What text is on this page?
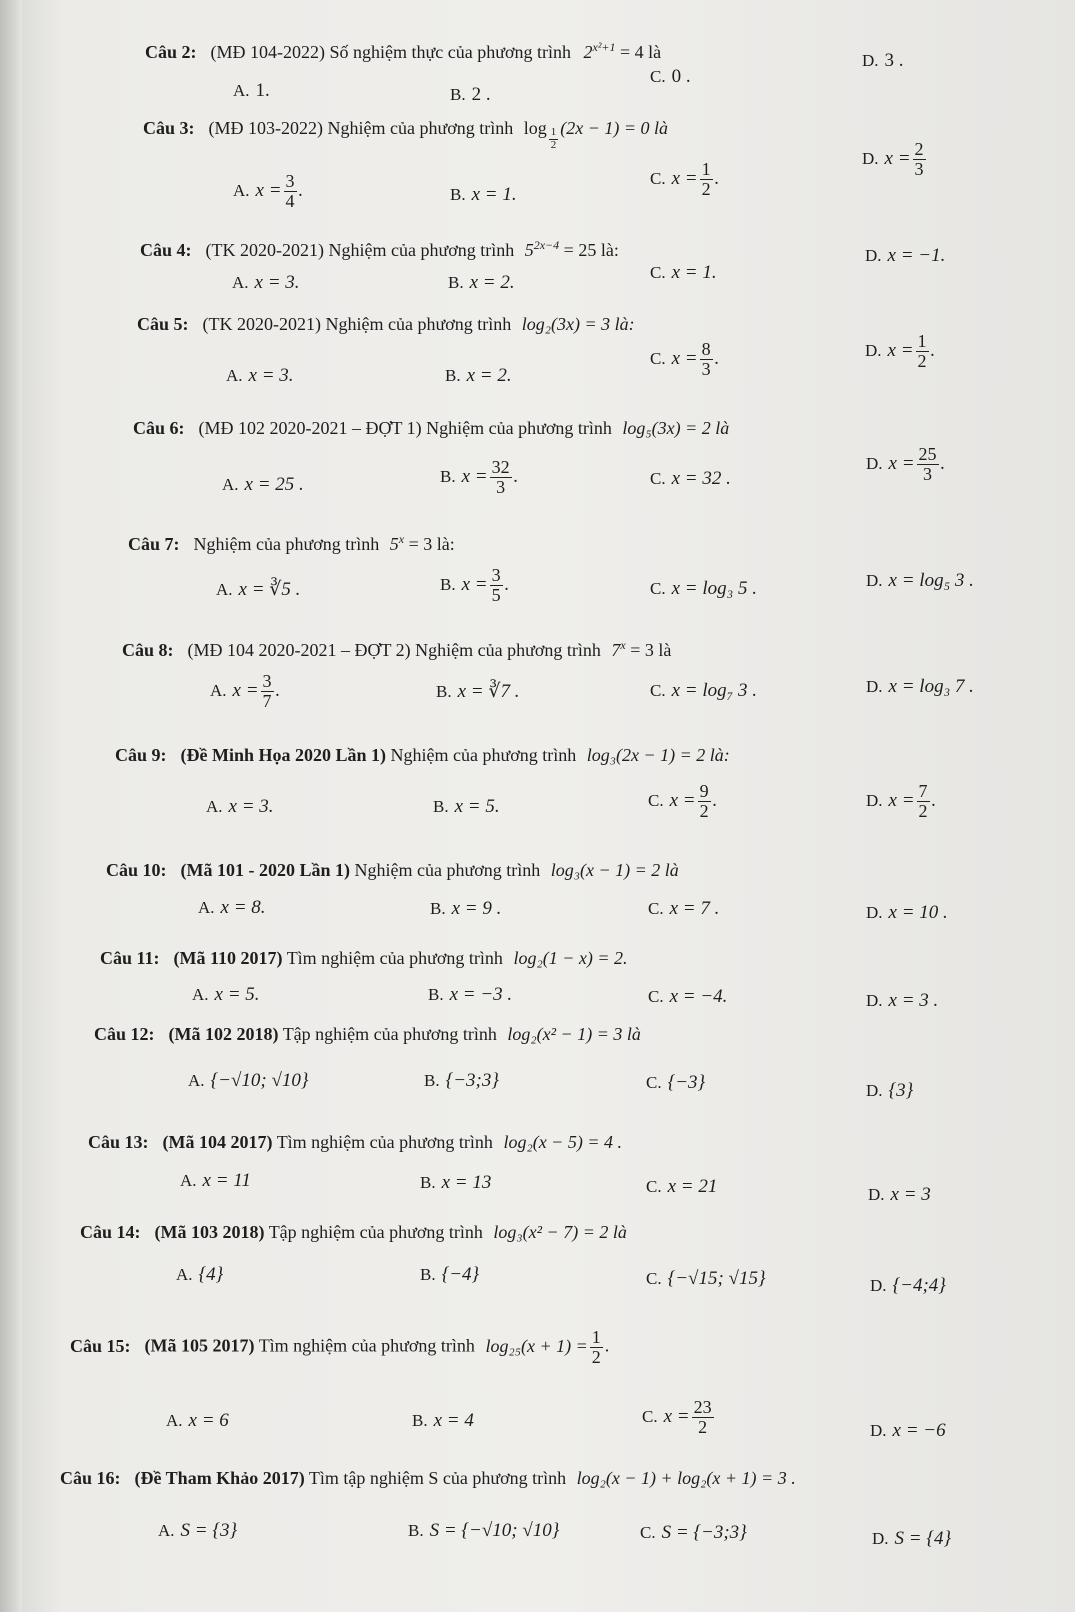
Câu 2: (MĐ 104-2022) Số nghiệm thực của phương trình $2^{x^2+1} = 4$ là
A. 1.	B. 2 .
C. 0 .
D. 3 .
Câu 3: (MĐ 103-2022) Nghiệm của phương trình $\log \frac{1}{2} (2x - 1) = 0$ là
A. $x = \frac{3}{4}$ .	B. x = 1.
C. $x = \frac{1}{2}$ .
D. $x = \frac{2}{3}$
Câu 4: (TK 2020-2021) Nghiệm của phương trình $5^{2x-4} = 25$ là:
A. x = 3.	B. x = 2.	C. x = 1.
D. x = −1.
Câu 5: (TK 2020-2021) Nghiệm của phương trình log₂(3x) = 3 là:
A. x = 3.	B. x = 2.
C. $x = \frac{8}{3}$ .	D. $x = \frac{1}{2}$ .
Câu 6: (MĐ 102 2020-2021 – ĐỢT 1) Nghiệm của phương trình log₅(3x) = 2 là
A. x = 25 .	B. $x = \frac{32}{3}$ .	C. x = 32 .
D. $x = \frac{25}{3}$ .
Câu 7: Nghiệm của phương trình $5^x = 3$ là:
A. x = ∛5 .	B. $x = \frac{3}{5}$ .	C. x = log₃ 5 .	D. x = log₅ 3 .
Câu 8: (MĐ 104 2020-2021 – ĐỢT 2) Nghiệm của phương trình $7^x = 3$ là
A. $x = \frac{3}{7}$ .	B. x = ∛7 .	C. x = log₇ 3 .	D. x = log₃ 7 .
Câu 9: (Đề Minh Họa 2020 Lần 1) Nghiệm của phương trình log₃(2x − 1) = 2 là:
A. x = 3.	B. x = 5.	C. $x = \frac{9}{2}$ .	D. $x = \frac{7}{2}$ .
Câu 10: (Mã 101 - 2020 Lần 1) Nghiệm của phương trình log₃(x − 1) = 2 là
A. x = 8.	B. x = 9 .	C. x = 7 .	D. x = 10 .
Câu 11: (Mã 110 2017) Tìm nghiệm của phương trình log₂(1 − x) = 2.
A. x = 5.	B. x = −3 .	C. x = −4.	D. x = 3 .
Câu 12: (Mã 102 2018) Tập nghiệm của phương trình log₂(x² − 1) = 3 là
A. {−√10; √10}	B. {−3;3}	C. {−3}	D. {3}
Câu 13: (Mã 104 2017) Tìm nghiệm của phương trình log₂(x − 5) = 4 .
A. x = 11	B. x = 13	C. x = 21	D. x = 3
Câu 14: (Mã 103 2018) Tập nghiệm của phương trình log₃(x² − 7) = 2 là
A. {4}	B. {−4}	C. {−√15; √15}	D. {−4;4}
Câu 15: (Mã 105 2017) Tìm nghiệm của phương trình $\log_{25}(x + 1) = \frac{1}{2}$ .
A. x = 6	B. x = 4	C. $x = \frac{23}{2}$	D. x = −6
Câu 16: (Đề Tham Khảo 2017) Tìm tập nghiệm S của phương trình log₂(x − 1) + log₂(x + 1) = 3 .
A. S = {3}	B. S = {−√10; √10}	C. S = {−3;3}	D. S = {4}
